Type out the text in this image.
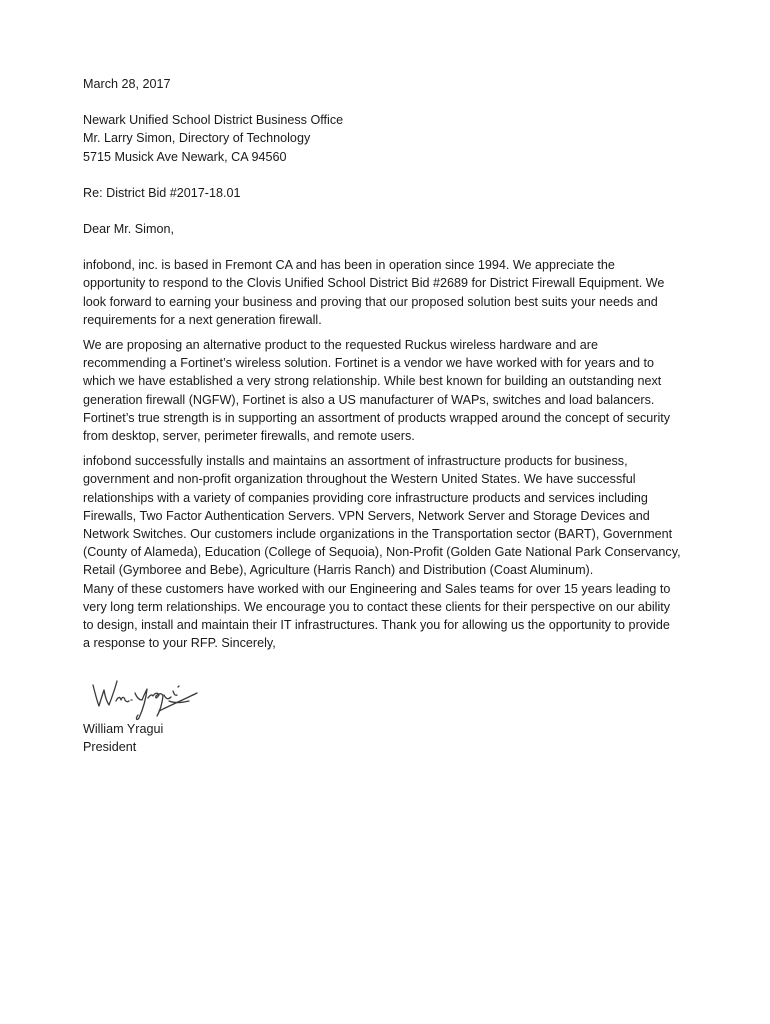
March 28, 2017

Newark Unified School District Business Office

Mr. Larry Simon, Directory of Technology

5715 Musick Ave Newark, CA 94560

Re: District Bid #2017-18.01

Dear Mr. Simon,

infobond, inc. is based in Fremont CA and has been in operation since 1994. We appreciate the

opportunity to respond to the Clovis Unified School District Bid #2689 for District Firewall Equipment. We

look forward to earning your business and proving that our proposed solution best suits your needs and

requirements for a next generation firewall.

We are proposing an alternative product to the requested Ruckus wireless hardware and are

recommending a Fortinet’s wireless solution. Fortinet is a vendor we have worked with for years and to

which we have established a very strong relationship. While best known for building an outstanding next

generation firewall (NGFW), Fortinet is also a US manufacturer of WAPs, switches and load balancers.

Fortinet’s true strength is in supporting an assortment of products wrapped around the concept of security

from desktop, server, perimeter firewalls, and remote users.

infobond successfully installs and maintains an assortment of infrastructure products for business,

government and non-profit organization throughout the Western United States. We have successful

relationships with a variety of companies providing core infrastructure products and services including

Firewalls, Two Factor Authentication Servers. VPN Servers, Network Server and Storage Devices and

Network Switches. Our customers include organizations in the Transportation sector (BART), Government

(County of Alameda), Education (College of Sequoia), Non-Profit (Golden Gate National Park Conservancy,

Retail (Gymboree and Bebe), Agriculture (Harris Ranch) and Distribution (Coast Aluminum).

Many of these customers have worked with our Engineering and Sales teams for over 15 years leading to

very long term relationships. We encourage you to contact these clients for their perspective on our ability

to design, install and maintain their IT infrastructures. Thank you for allowing us the opportunity to provide

a response to your RFP. Sincerely,

William Yragui

President
